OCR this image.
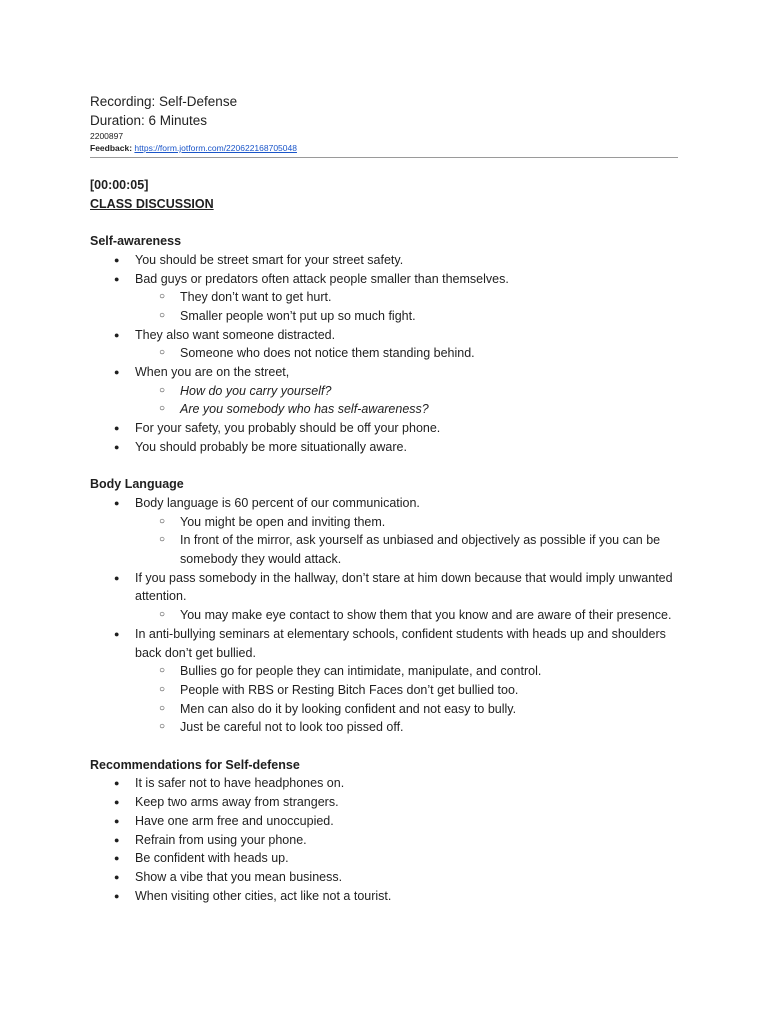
Recording: Self-Defense
Duration: 6 Minutes
2200897
Feedback: https://form.jotform.com/220622168705048
[00:00:05]
CLASS DISCUSSION
Self-awareness
● You should be street smart for your street safety.
● Bad guys or predators often attack people smaller than themselves.
○ They don’t want to get hurt.
○ Smaller people won’t put up so much fight.
● They also want someone distracted.
○ Someone who does not notice them standing behind.
● When you are on the street,
○ How do you carry yourself?
○ Are you somebody who has self-awareness?
● For your safety, you probably should be off your phone.
● You should probably be more situationally aware.
Body Language
● Body language is 60 percent of our communication.
○ You might be open and inviting them.
○ In front of the mirror, ask yourself as unbiased and objectively as possible if you can be somebody they would attack.
● If you pass somebody in the hallway, don’t stare at him down because that would imply unwanted attention.
○ You may make eye contact to show them that you know and are aware of their presence.
● In anti-bullying seminars at elementary schools, confident students with heads up and shoulders back don’t get bullied.
○ Bullies go for people they can intimidate, manipulate, and control.
○ People with RBS or Resting Bitch Faces don’t get bullied too.
○ Men can also do it by looking confident and not easy to bully.
○ Just be careful not to look too pissed off.
Recommendations for Self-defense
● It is safer not to have headphones on.
● Keep two arms away from strangers.
● Have one arm free and unoccupied.
● Refrain from using your phone.
● Be confident with heads up.
● Show a vibe that you mean business.
● When visiting other cities, act like not a tourist.
